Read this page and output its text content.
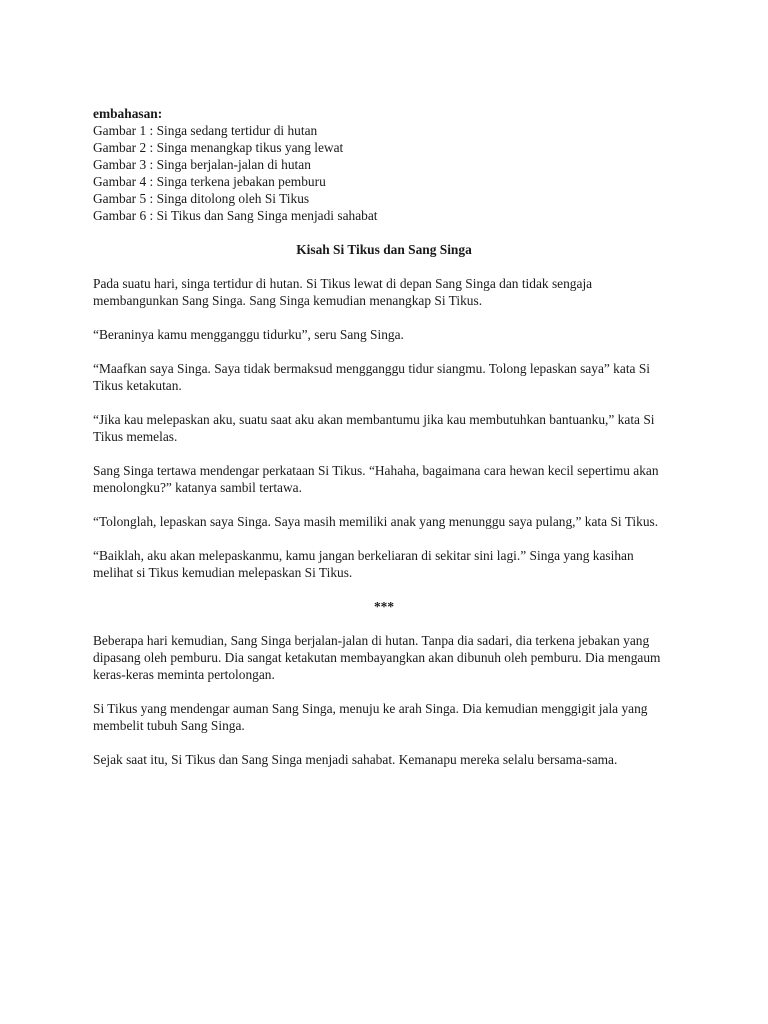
embahasan:

Gambar 1 : Singa sedang tertidur di hutan
Gambar 2 : Singa menangkap tikus yang lewat
Gambar 3 : Singa berjalan-jalan di hutan
Gambar 4 : Singa terkena jebakan pemburu
Gambar 5 : Singa ditolong oleh Si Tikus
Gambar 6 : Si Tikus dan Sang Singa menjadi sahabat

Kisah Si Tikus dan Sang Singa

Pada suatu hari, singa tertidur di hutan. Si Tikus lewat di depan Sang Singa dan tidak sengaja membangunkan Sang Singa. Sang Singa kemudian menangkap Si Tikus.

“Beraninya kamu mengganggu tidurku”, seru Sang Singa.

“Maafkan saya Singa. Saya tidak bermaksud mengganggu tidur siangmu. Tolong lepaskan saya” kata Si Tikus ketakutan.

“Jika kau melepaskan aku, suatu saat aku akan membantumu jika kau membutuhkan bantuanku,” kata Si Tikus memelas.

Sang Singa tertawa mendengar perkataan Si Tikus. “Hahaha, bagaimana cara hewan kecil sepertimu akan menolongku?” katanya sambil tertawa.

“Tolonglah, lepaskan saya Singa. Saya masih memiliki anak yang menunggu saya pulang,” kata Si Tikus.

“Baiklah, aku akan melepaskanmu, kamu jangan berkeliaran di sekitar sini lagi.” Singa yang kasihan melihat si Tikus kemudian melepaskan Si Tikus.

***

Beberapa hari kemudian, Sang Singa berjalan-jalan di hutan. Tanpa dia sadari, dia terkena jebakan yang dipasang oleh pemburu. Dia sangat ketakutan membayangkan akan dibunuh oleh pemburu. Dia mengaum keras-keras meminta pertolongan.

Si Tikus yang mendengar auman Sang Singa, menuju ke arah Singa. Dia kemudian menggigit jala yang membelit tubuh Sang Singa.

Sejak saat itu, Si Tikus dan Sang Singa menjadi sahabat. Kemanapu mereka selalu bersama-sama.
